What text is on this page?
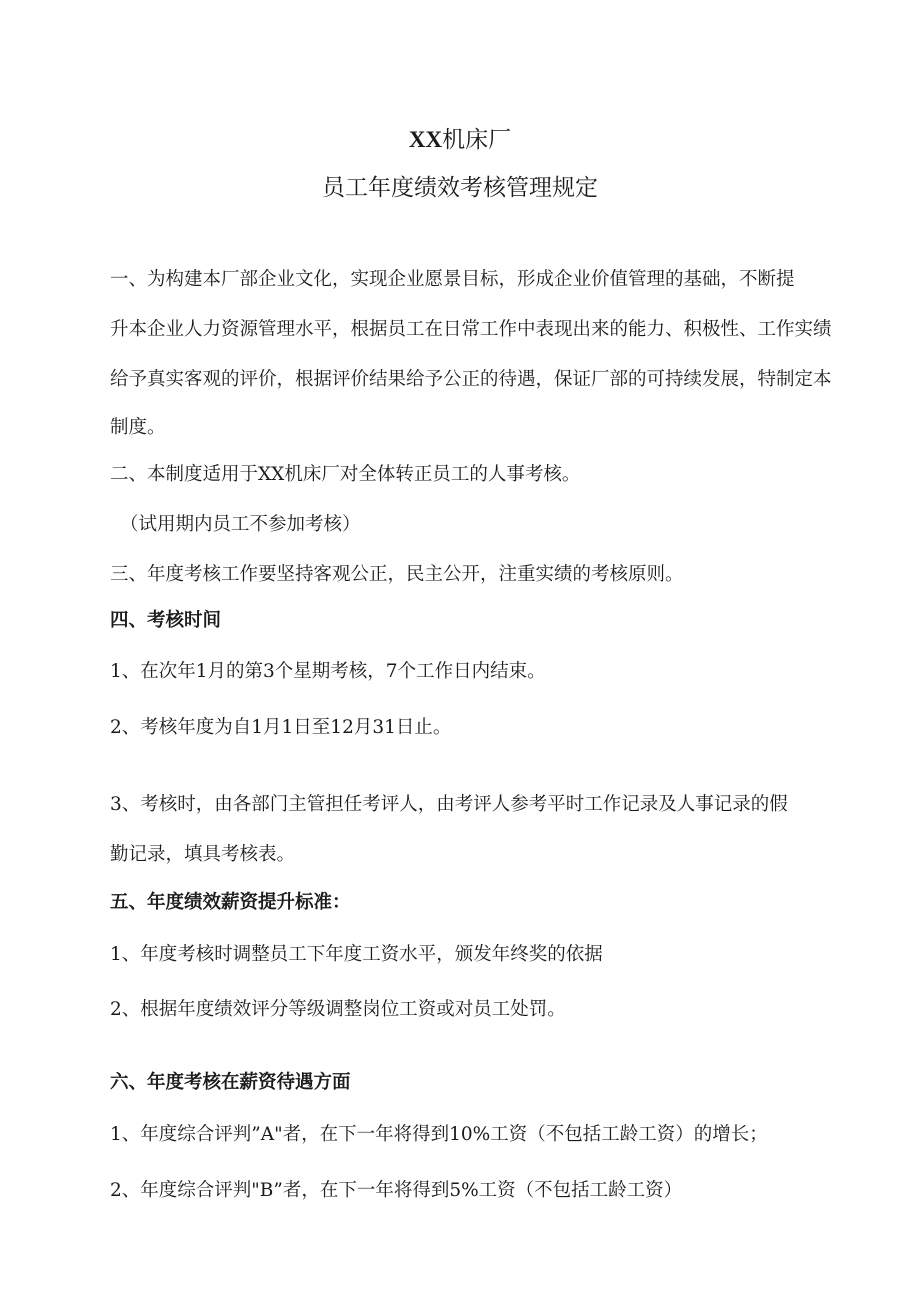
XX机床厂
员工年度绩效考核管理规定
一、为构建本厂部企业文化，实现企业愿景目标，形成企业价值管理的基础，不断提
升本企业人力资源管理水平，根据员工在日常工作中表现出来的能力、积极性、工作实绩
给予真实客观的评价，根据评价结果给予公正的待遇，保证厂部的可持续发展，特制定本
制度。
二、本制度适用于XX机床厂对全体转正员工的人事考核。
（试用期内员工不参加考核）
三、年度考核工作要坚持客观公正，民主公开，注重实绩的考核原则。
四、考核时间
1、在次年1月的第3个星期考核，7个工作日内结束。
2、考核年度为自1月1日至12月31日止。
3、考核时，由各部门主管担任考评人，由考评人参考平时工作记录及人事记录的假
勤记录，填具考核表。
五、年度绩效薪资提升标准：
1、年度考核时调整员工下年度工资水平，颁发年终奖的依据
2、根据年度绩效评分等级调整岗位工资或对员工处罚。
六、年度考核在薪资待遇方面
1、年度综合评判”A"者，在下一年将得到10%工资（不包括工龄工资）的增长；
2、年度综合评判"B”者，在下一年将得到5%工资（不包括工龄工资）
